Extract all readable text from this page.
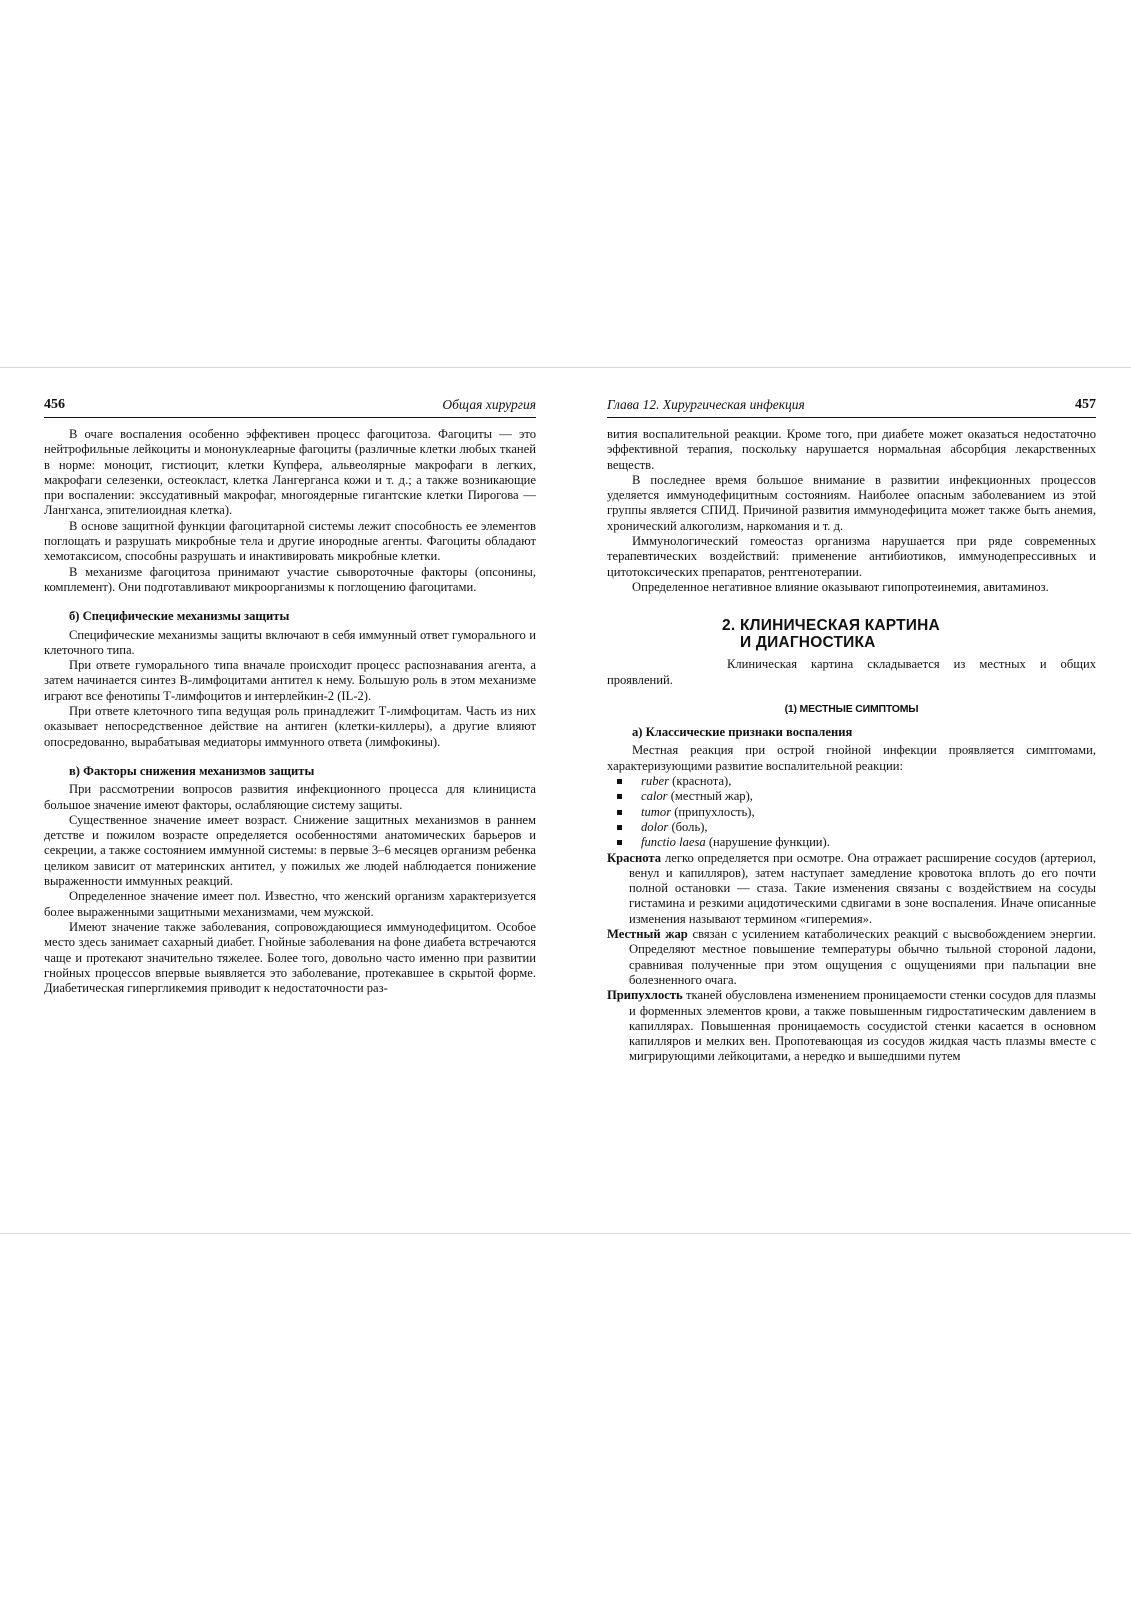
456	Общая хирургия

В очаге воспаления особенно эффективен процесс фагоцитоза. Фагоциты — это нейтрофильные лейкоциты и мононуклеарные фагоциты (различные клетки любых тканей в норме: моноцит, гистиоцит, клетки Купфера, альвеолярные макрофаги в легких, макрофаги селезенки, остеокласт, клетка Лангерганса кожи и т. д.; а также возникающие при воспалении: экссудативный макрофаг, многоядерные гигантские клетки Пирогова — Лангханса, эпителиоидная клетка).

В основе защитной функции фагоцитарной системы лежит способность ее элементов поглощать и разрушать микробные тела и другие инородные агенты. Фагоциты обладают хемотаксисом, способны разрушать и инактивировать микробные клетки.

В механизме фагоцитоза принимают участие сывороточные факторы (опсонины, комплемент). Они подготавливают микроорганизмы к поглощению фагоцитами.

б) Специфические механизмы защиты

Специфические механизмы защиты включают в себя иммунный ответ гуморального и клеточного типа.

При ответе гуморального типа вначале происходит процесс распознавания агента, а затем начинается синтез В-лимфоцитами антител к нему. Большую роль в этом механизме играют все фенотипы Т-лимфоцитов и интерлейкин-2 (IL-2).

При ответе клеточного типа ведущая роль принадлежит Т-лимфоцитам. Часть из них оказывает непосредственное действие на антиген (клетки-киллеры), а другие влияют опосредованно, вырабатывая медиаторы иммунного ответа (лимфокины).

в) Факторы снижения механизмов защиты

При рассмотрении вопросов развития инфекционного процесса для клинициста большое значение имеют факторы, ослабляющие систему защиты.

Существенное значение имеет возраст. Снижение защитных механизмов в раннем детстве и пожилом возрасте определяется особенностями анатомических барьеров и секреции, а также состоянием иммунной системы: в первые 3–6 месяцев организм ребенка целиком зависит от материнских антител, у пожилых же людей наблюдается понижение выраженности иммунных реакций.

Определенное значение имеет пол. Известно, что женский организм характеризуется более выраженными защитными механизмами, чем мужской.

Имеют значение также заболевания, сопровождающиеся иммунодефицитом. Особое место здесь занимает сахарный диабет. Гнойные заболевания на фоне диабета встречаются чаще и протекают значительно тяжелее. Более того, довольно часто именно при развитии гнойных процессов впервые выявляется это заболевание, протекавшее в скрытой форме. Диабетическая гипергликемия приводит к недостаточности раз-

Глава 12. Хирургическая инфекция	457

вития воспалительной реакции. Кроме того, при диабете может оказаться недостаточно эффективной терапия, поскольку нарушается нормальная абсорбция лекарственных веществ.

В последнее время большое внимание в развитии инфекционных процессов уделяется иммунодефицитным состояниям. Наиболее опасным заболеванием из этой группы является СПИД. Причиной развития иммунодефицита может также быть анемия, хронический алкоголизм, наркомания и т. д.

Иммунологический гомеостаз организма нарушается при ряде современных терапевтических воздействий: применение антибиотиков, иммунодепрессивных и цитотоксических препаратов, рентгенотерапии.

Определенное негативное влияние оказывают гипопротеинемия, авитаминоз.

2. КЛИНИЧЕСКАЯ КАРТИНА
И ДИАГНОСТИКА

Клиническая картина складывается из местных и общих проявлений.

(1) МЕСТНЫЕ СИМПТОМЫ
а) Классические признаки воспаления

Местная реакция при острой гнойной инфекции проявляется симптомами, характеризующими развитие воспалительной реакции:

ruber (краснота),
calor (местный жар),
tumor (припухлость),
dolor (боль),
functio laesa (нарушение функции).

Краснота легко определяется при осмотре. Она отражает расширение сосудов (артериол, венул и капилляров), затем наступает замедление кровотока вплоть до его почти полной остановки — стаза. Такие изменения связаны с воздействием на сосуды гистамина и резкими ацидотическими сдвигами в зоне воспаления. Иначе описанные изменения называют термином «гиперемия».

Местный жар связан с усилением катаболических реакций с высвобождением энергии. Определяют местное повышение температуры обычно тыльной стороной ладони, сравнивая полученные при этом ощущения с ощущениями при пальпации вне болезненного очага.

Припухлость тканей обусловлена изменением проницаемости стенки сосудов для плазмы и форменных элементов крови, а также повышенным гидростатическим давлением в капиллярах. Повышенная проницаемость сосудистой стенки касается в основном капилляров и мелких вен. Пропотевающая из сосудов жидкая часть плазмы вместе с мигрирующими лейкоцитами, а нередко и вышедшими путем
